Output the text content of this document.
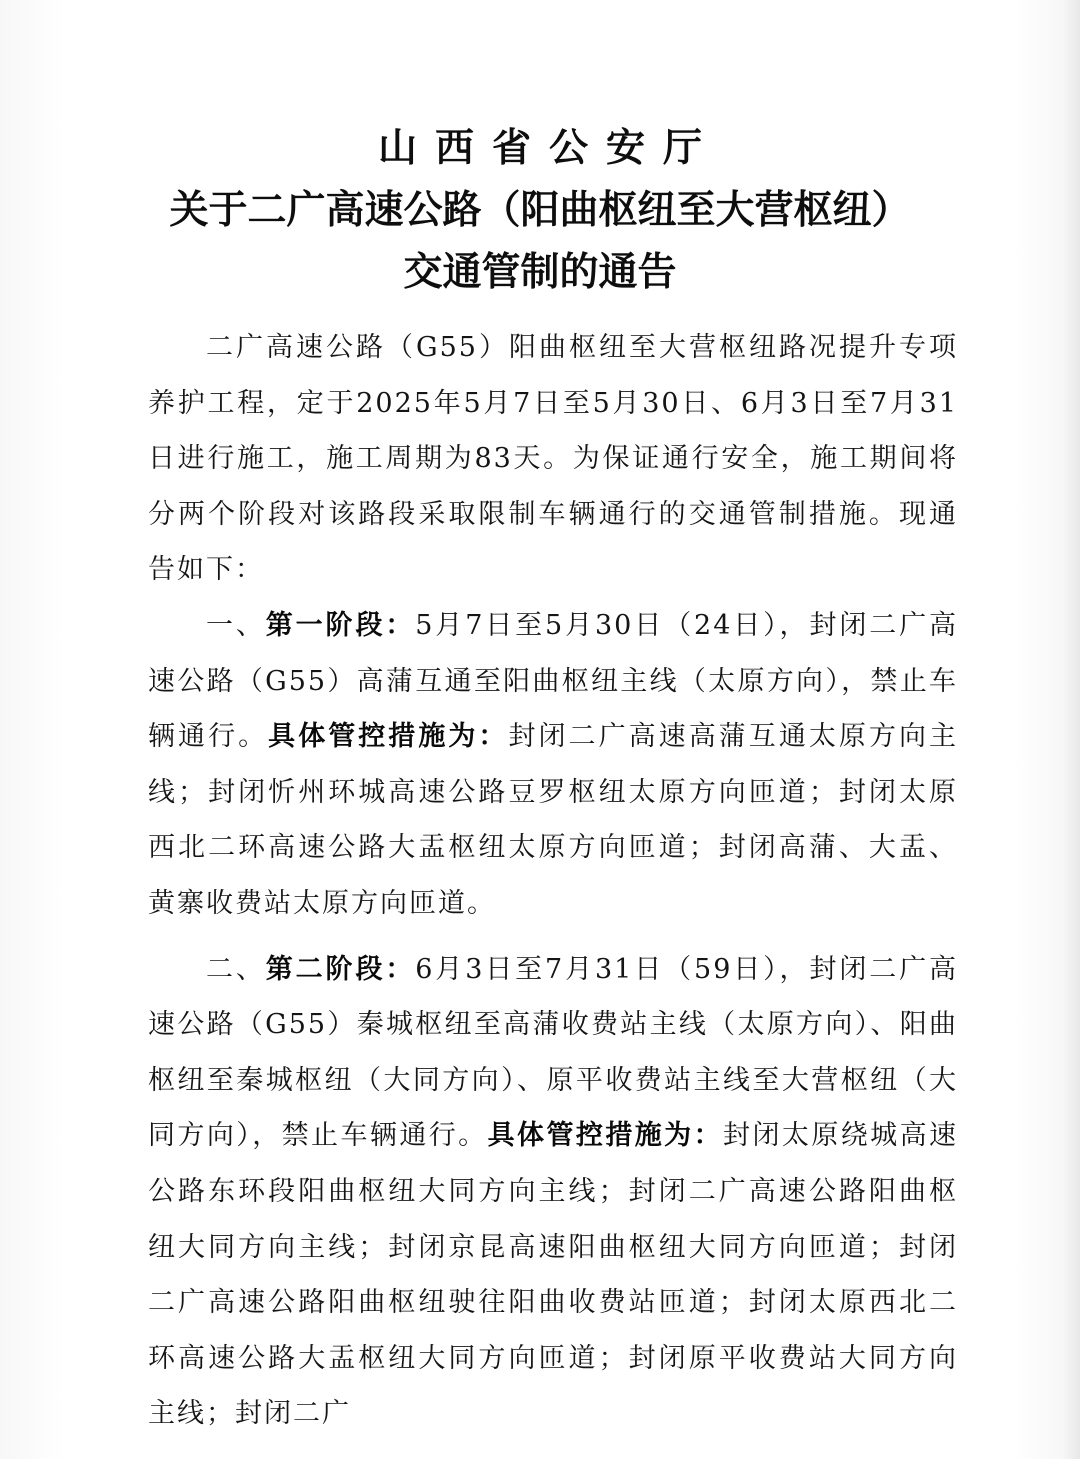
山西省公安厅
关于二广高速公路（阳曲枢纽至大营枢纽）
交通管制的通告

二广高速公路（G55）阳曲枢纽至大营枢纽路况提升专项养护工程，定于2025年5月7日至5月30日、6月3日至7月31日进行施工，施工周期为83天。为保证通行安全，施工期间将分两个阶段对该路段采取限制车辆通行的交通管制措施。现通告如下：

一、第一阶段：5月7日至5月30日（24日），封闭二广高速公路（G55）高蒲互通至阳曲枢纽主线（太原方向），禁止车辆通行。具体管控措施为：封闭二广高速高蒲互通太原方向主线；封闭忻州环城高速公路豆罗枢纽太原方向匝道；封闭太原西北二环高速公路大盂枢纽太原方向匝道；封闭高蒲、大盂、黄寨收费站太原方向匝道。

二、第二阶段：6月3日至7月31日（59日），封闭二广高速公路（G55）秦城枢纽至高蒲收费站主线（太原方向）、阳曲枢纽至秦城枢纽（大同方向）、原平收费站主线至大营枢纽（大同方向），禁止车辆通行。具体管控措施为：封闭太原绕城高速公路东环段阳曲枢纽大同方向主线；封闭二广高速公路阳曲枢纽大同方向主线；封闭京昆高速阳曲枢纽大同方向匝道；封闭二广高速公路阳曲枢纽驶往阳曲收费站匝道；封闭太原西北二环高速公路大盂枢纽大同方向匝道；封闭原平收费站大同方向主线；封闭二广
